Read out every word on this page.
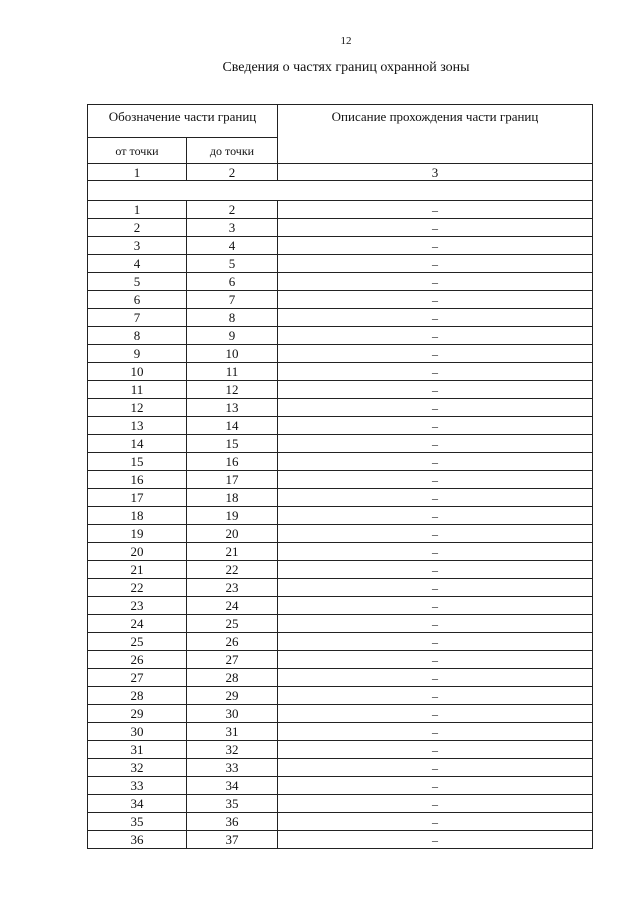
12
Сведения о частях границ охранной зоны
Обозначение части границ		Описание прохождения части границ
от точки	до точки	
1	2	3

1	2	–
2	3	–
3	4	–
4	5	–
5	6	–
6	7	–
7	8	–
8	9	–
9	10	–
10	11	–
11	12	–
12	13	–
13	14	–
14	15	–
15	16	–
16	17	–
17	18	–
18	19	–
19	20	–
20	21	–
21	22	–
22	23	–
23	24	–
24	25	–
25	26	–
26	27	–
27	28	–
28	29	–
29	30	–
30	31	–
31	32	–
32	33	–
33	34	–
34	35	–
35	36	–
36	37	–
